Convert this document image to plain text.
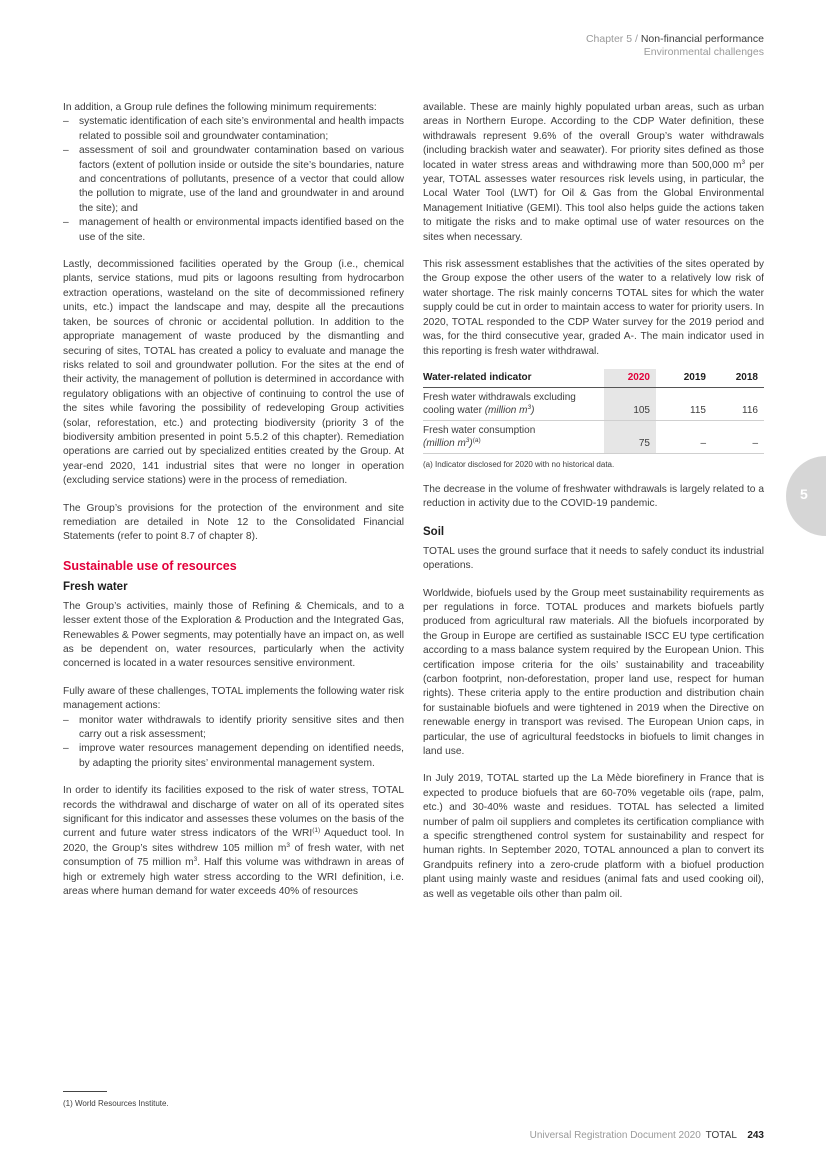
Chapter 5 / Non-financial performance
Environmental challenges

In addition, a Group rule defines the following minimum requirements:

– systematic identification of each site’s environmental and health impacts related to possible soil and groundwater contamination;
– assessment of soil and groundwater contamination based on various factors (extent of pollution inside or outside the site’s boundaries, nature and concentrations of pollutants, presence of a vector that could allow the pollution to migrate, use of the land and groundwater in and around the site); and
– management of health or environmental impacts identified based on the use of the site.

Lastly, decommissioned facilities operated by the Group (i.e., chemical plants, service stations, mud pits or lagoons resulting from hydrocarbon extraction operations, wasteland on the site of decommissioned refinery units, etc.) impact the landscape and may, despite all the precautions taken, be sources of chronic or accidental pollution. In addition to the appropriate management of waste produced by the dismantling and securing of sites, TOTAL has created a policy to evaluate and manage the risks related to soil and groundwater pollution. For the sites at the end of their activity, the management of pollution is determined in accordance with regulatory obligations with an objective of continuing to control the use of the sites while favoring the possibility of redeveloping Group activities (solar, reforestation, etc.) and protecting biodiversity (priority 3 of the biodiversity ambition presented in point 5.5.2 of this chapter). Remediation operations are carried out by specialized entities created by the Group. At year-end 2020, 141 industrial sites that were no longer in operation (excluding service stations) were in the process of remediation.

The Group’s provisions for the protection of the environment and site remediation are detailed in Note 12 to the Consolidated Financial Statements (refer to point 8.7 of chapter 8).

Sustainable use of resources
Fresh water

The Group’s activities, mainly those of Refining & Chemicals, and to a lesser extent those of the Exploration & Production and the Integrated Gas, Renewables & Power segments, may potentially have an impact on, as well as be dependent on, water resources, particularly when the activity concerned is located in a water resources sensitive environment.

Fully aware of these challenges, TOTAL implements the following water risk management actions:

– monitor water withdrawals to identify priority sensitive sites and then carry out a risk assessment;
– improve water resources management depending on identified needs, by adapting the priority sites’ environmental management system.

In order to identify its facilities exposed to the risk of water stress, TOTAL records the withdrawal and discharge of water on all of its operated sites significant for this indicator and assesses these volumes on the basis of the current and future water stress indicators of the WRI$^{(1)}$ Aqueduct tool. In 2020, the Group’s sites withdrew 105 million $m^3$ of fresh water, with net consumption of 75 million $m^3$. Half this volume was withdrawn in areas of high or extremely high water stress according to the WRI definition, i.e. areas where human demand for water exceeds 40% of resources

available. These are mainly highly populated urban areas, such as urban areas in Northern Europe. According to the CDP Water definition, these withdrawals represent 9.6% of the overall Group’s water withdrawals (including brackish water and seawater). For priority sites defined as those located in water stress areas and withdrawing more than 500,000 $m^3$ per year, TOTAL assesses water resources risk levels using, in particular, the Local Water Tool (LWT) for Oil & Gas from the Global Environmental Management Initiative (GEMI). This tool also helps guide the actions taken to mitigate the risks and to make optimal use of water resources on the sites when necessary.

This risk assessment establishes that the activities of the sites operated by the Group expose the other users of the water to a relatively low risk of water shortage. The risk mainly concerns TOTAL sites for which the water supply could be cut in order to maintain access to water for priority users. In 2020, TOTAL responded to the CDP Water survey for the 2019 period and was, for the third consecutive year, graded A-. The main indicator used in this reporting is fresh water withdrawal.

Water-related indicator	2020	2019	2018
Fresh water withdrawals excluding
cooling water (million $m^3$)	105	115	116
Fresh water consumption
(million $m^3)^{(a)}$	75	–	–
(a) Indicator disclosed for 2020 with no historical data.

The decrease in the volume of freshwater withdrawals is largely related to a reduction in activity due to the COVID-19 pandemic.

Soil

TOTAL uses the ground surface that it needs to safely conduct its industrial operations.

Worldwide, biofuels used by the Group meet sustainability requirements as per regulations in force. TOTAL produces and markets biofuels partly produced from agricultural raw materials. All the biofuels incorporated by the Group in Europe are certified as sustainable ISCC EU type certification according to a mass balance system required by the European Union. This certification impose criteria for the oils’ sustainability and traceability (carbon footprint, non-deforestation, proper land use, respect for human rights). These criteria apply to the entire production and distribution chain for sustainable biofuels and were tightened in 2019 when the Directive on renewable energy in transport was revised. The European Union caps, in particular, the use of agricultural feedstocks in biofuels to limit changes in land use.

In July 2019, TOTAL started up the La Mède biorefinery in France that is expected to produce biofuels that are 60-70% vegetable oils (rape, palm, etc.) and 30-40% waste and residues. TOTAL has selected a limited number of palm oil suppliers and completes its certification compliance with a specific strengthened control system for sustainability and respect for human rights. In September 2020, TOTAL announced a plan to convert its Grandpuits refinery into a zero-crude platform with a biofuel production plant using mainly waste and residues (animal fats and used cooking oil), as well as vegetable oils other than palm oil.

5
(1) World Resources Institute.
Universal Registration Document 2020 TOTAL 243
